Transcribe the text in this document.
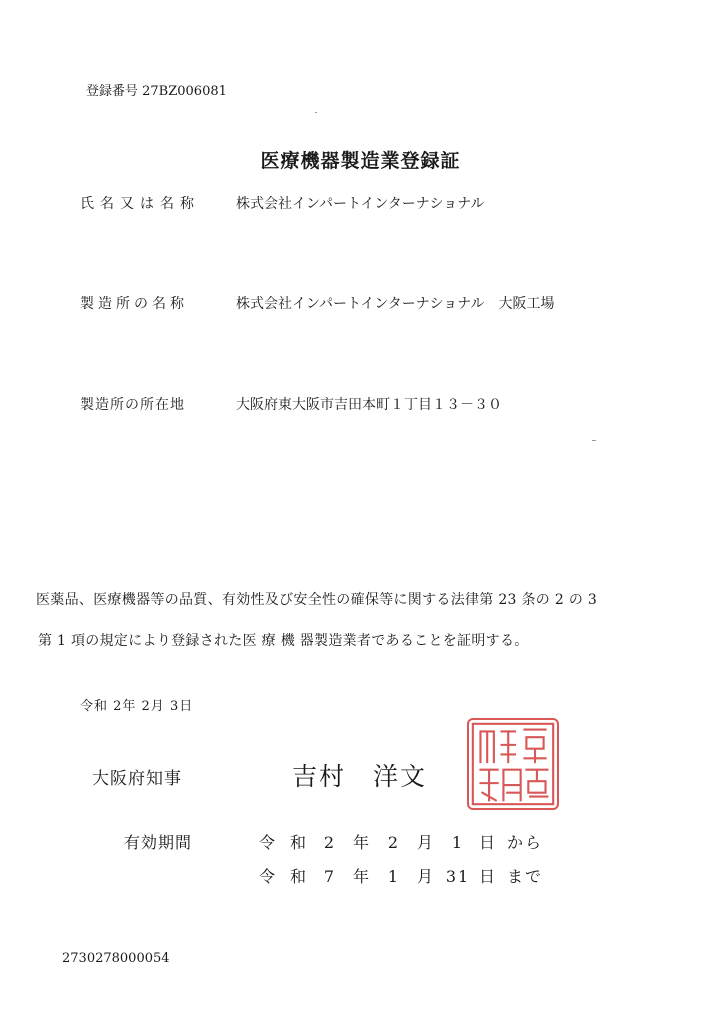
登録番号 27BZ006081
医療機器製造業登録証
氏名又は名称	株式会社インパートインターナショナル
製造所の名称	株式会社インパートインターナショナル　大阪工場
製造所の所在地	大阪府東大阪市吉田本町１丁目１３－３０
医薬品、医療機器等の品質、有効性及び安全性の確保等に関する法律第 23 条の 2 の 3
第 1 項の規定により登録された医 療 機 器製造業者であることを証明する。
令和 2年 2月 3日
大阪府知事	吉村　洋文
有効期間	令 和 2 年 2 月 1 日 から
令 和 7 年 1 月 31 日 まで
2730278000054
